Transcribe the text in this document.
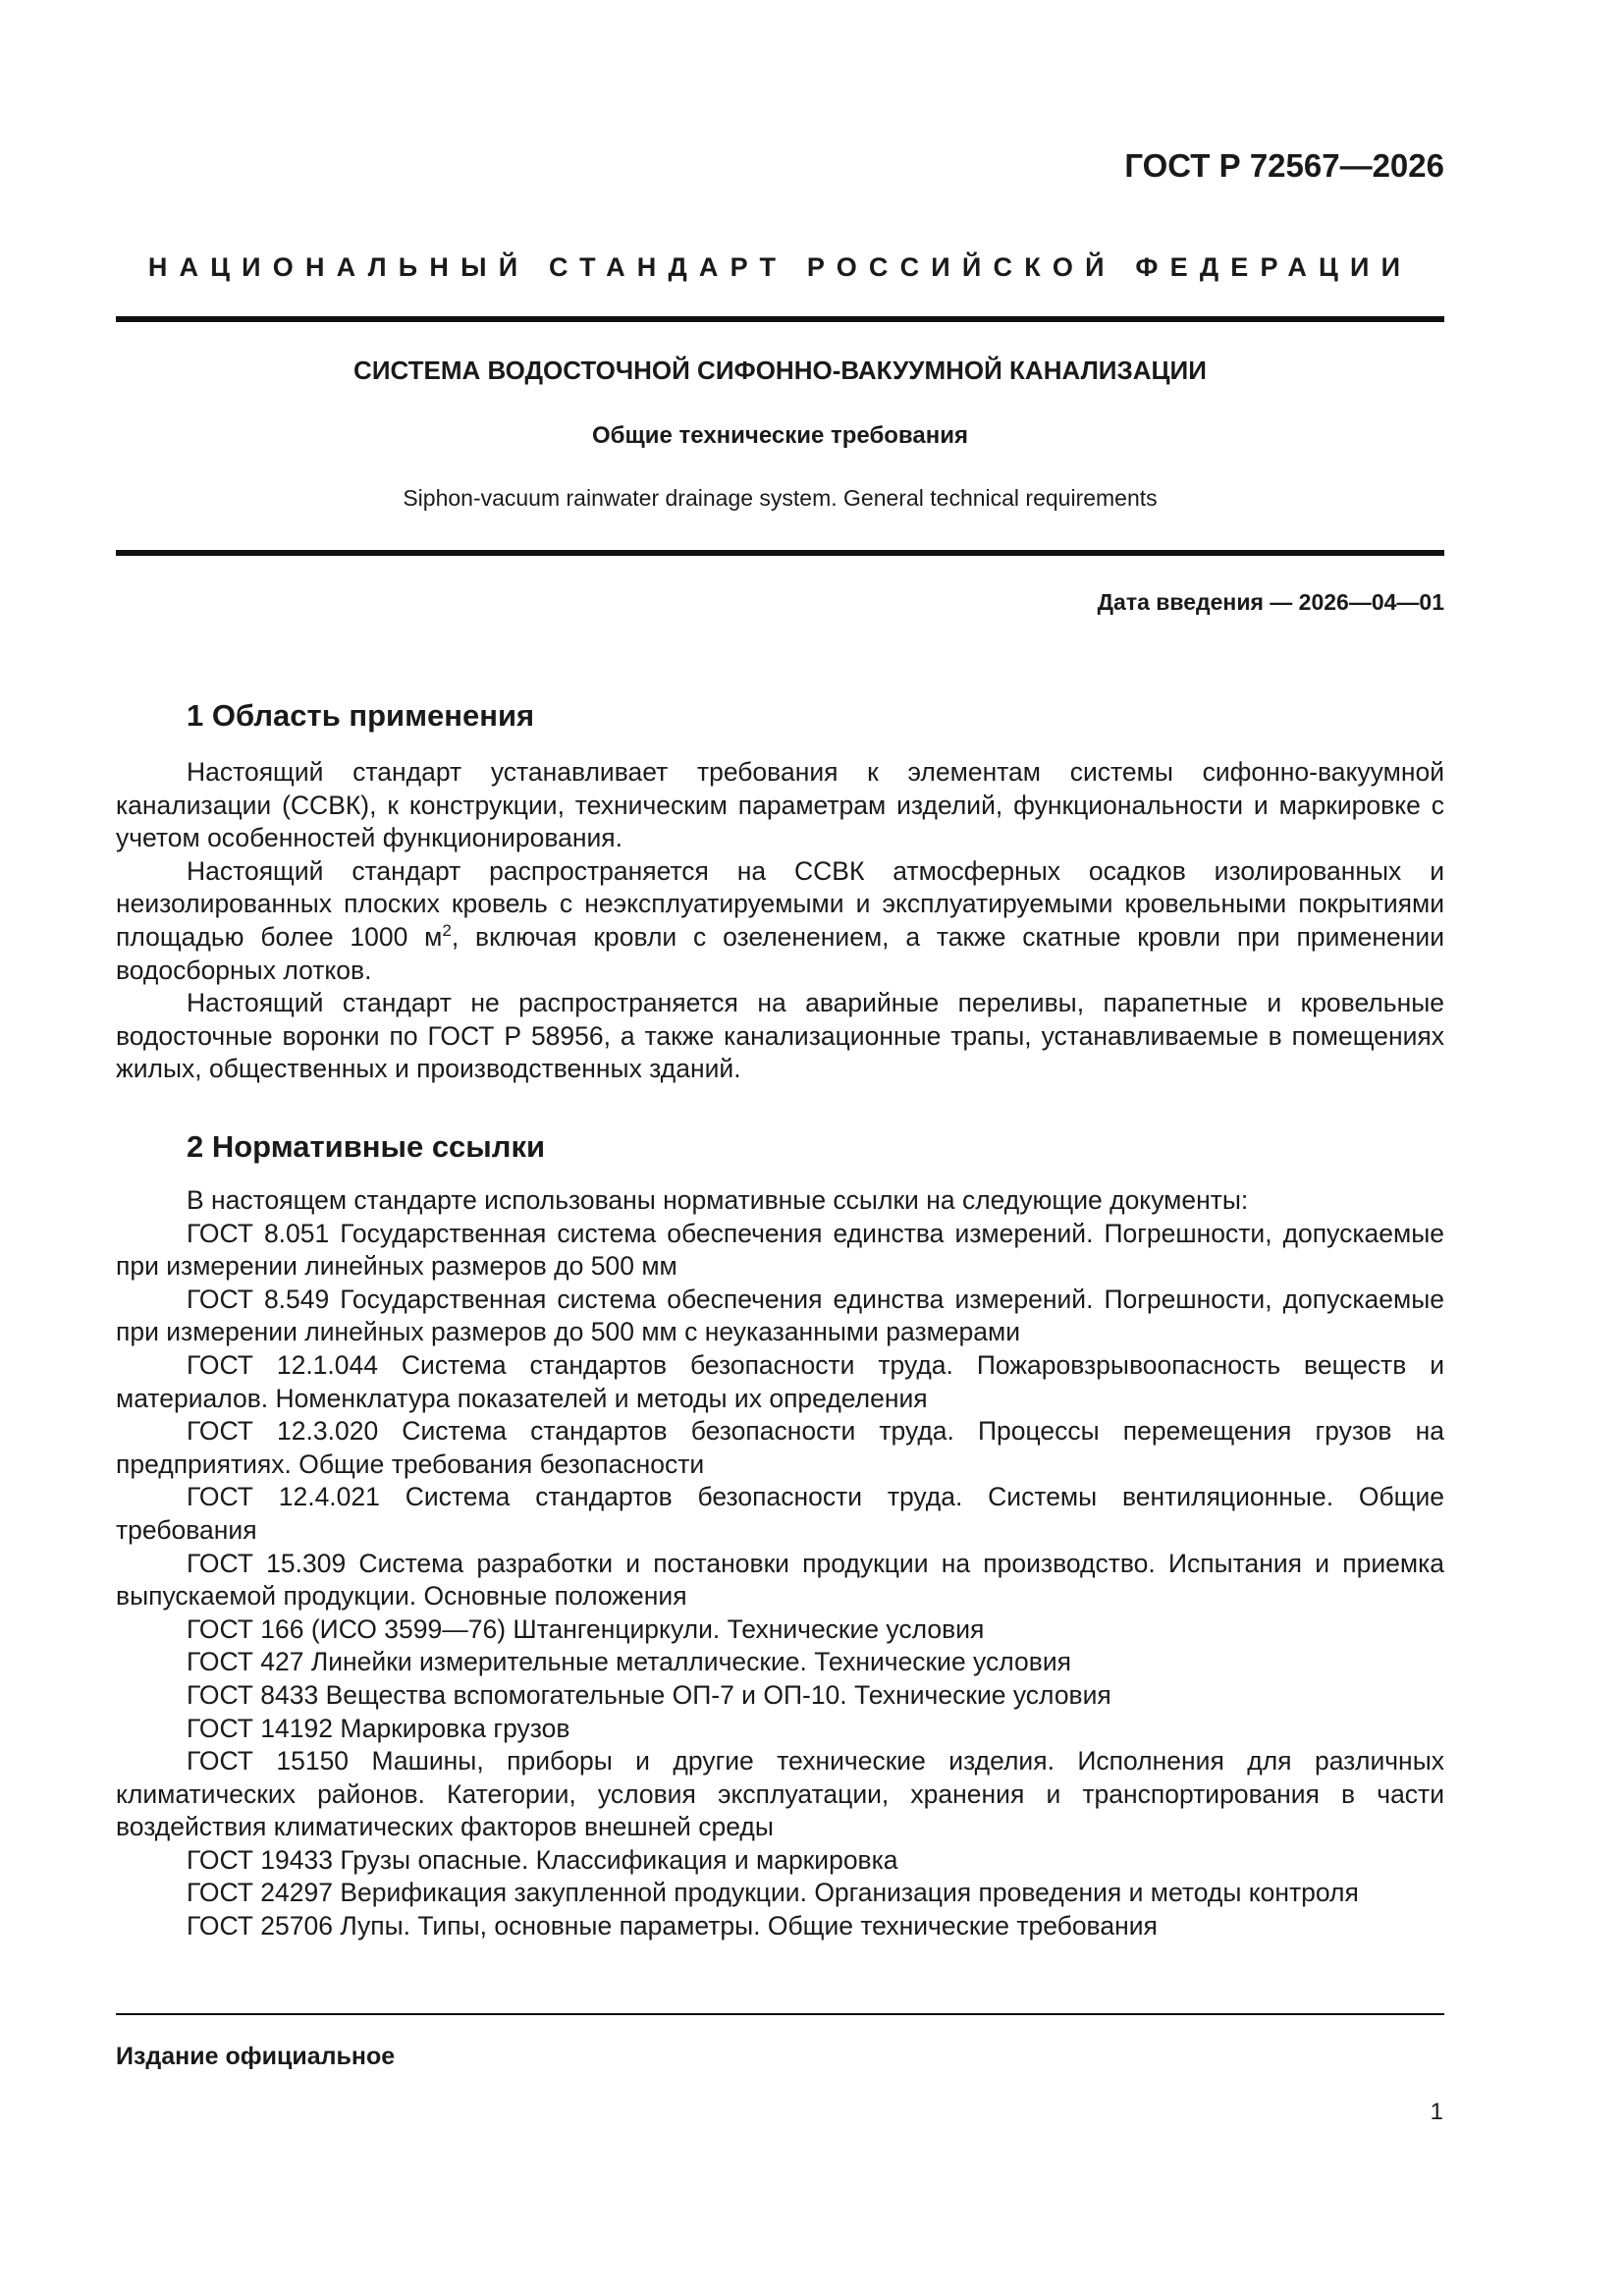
ГОСТ Р 72567—2026
НАЦИОНАЛЬНЫЙ СТАНДАРТ РОССИЙСКОЙ ФЕДЕРАЦИИ
СИСТЕМА ВОДОСТОЧНОЙ СИФОННО-ВАКУУМНОЙ КАНАЛИЗАЦИИ
Общие технические требования
Siphon-vacuum rainwater drainage system. General technical requirements
Дата введения — 2026—04—01
1 Область применения

Настоящий стандарт устанавливает требования к элементам системы сифонно-вакуумной канализации (ССВК), к конструкции, техническим параметрам изделий, функциональности и маркировке с учетом особенностей функционирования.

Настоящий стандарт распространяется на ССВК атмосферных осадков изолированных и неизолированных плоских кровель с неэксплуатируемыми и эксплуатируемыми кровельными покрытиями площадью более 1000 $м^2$, включая кровли с озеленением, а также скатные кровли при применении водосборных лотков.

Настоящий стандарт не распространяется на аварийные переливы, парапетные и кровельные водосточные воронки по ГОСТ Р 58956, а также канализационные трапы, устанавливаемые в помещениях жилых, общественных и производственных зданий.

2 Нормативные ссылки
В настоящем стандарте использованы нормативные ссылки на следующие документы:
ГОСТ 8.051 Государственная система обеспечения единства измерений. Погрешности, допускаемые при измерении линейных размеров до 500 мм
ГОСТ 8.549 Государственная система обеспечения единства измерений. Погрешности, допускаемые при измерении линейных размеров до 500 мм с неуказанными размерами
ГОСТ 12.1.044 Система стандартов безопасности труда. Пожаровзрывоопасность веществ и материалов. Номенклатура показателей и методы их определения
ГОСТ 12.3.020 Система стандартов безопасности труда. Процессы перемещения грузов на предприятиях. Общие требования безопасности
ГОСТ 12.4.021 Система стандартов безопасности труда. Системы вентиляционные. Общие требования
ГОСТ 15.309 Система разработки и постановки продукции на производство. Испытания и приемка выпускаемой продукции. Основные положения
ГОСТ 166 (ИСО 3599—76) Штангенциркули. Технические условия
ГОСТ 427 Линейки измерительные металлические. Технические условия
ГОСТ 8433 Вещества вспомогательные ОП-7 и ОП-10. Технические условия
ГОСТ 14192 Маркировка грузов
ГОСТ 15150 Машины, приборы и другие технические изделия. Исполнения для различных климатических районов. Категории, условия эксплуатации, хранения и транспортирования в части воздействия климатических факторов внешней среды
ГОСТ 19433 Грузы опасные. Классификация и маркировка
ГОСТ 24297 Верификация закупленной продукции. Организация проведения и методы контроля
ГОСТ 25706 Лупы. Типы, основные параметры. Общие технические требования
Издание официальное
1
